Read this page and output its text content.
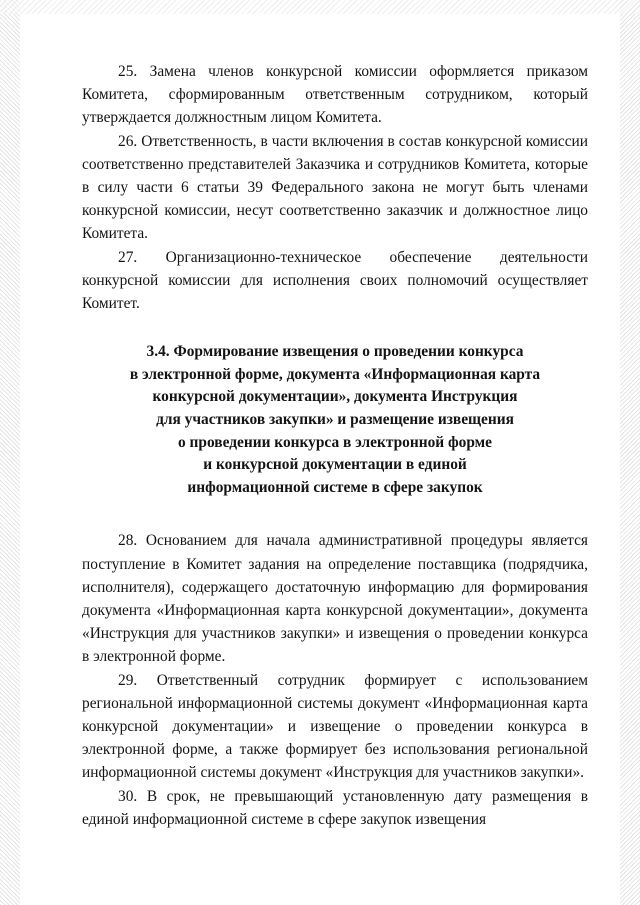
25. Замена членов конкурсной комиссии оформляется приказом Комитета, сформированным ответственным сотрудником, который утверждается должностным лицом Комитета.

26. Ответственность, в части включения в состав конкурсной комиссии соответственно представителей Заказчика и сотрудников Комитета, которые в силу части 6 статьи 39 Федерального закона не могут быть членами конкурсной комиссии, несут соответственно заказчик и должностное лицо Комитета.

27. Организационно-техническое обеспечение деятельности конкурсной комиссии для исполнения своих полномочий осуществляет Комитет.

3.4. Формирование извещения о проведении конкурса
в электронной форме, документа «Информационная карта
конкурсной документации», документа Инструкция
для участников закупки» и размещение извещения
о проведении конкурса в электронной форме
и конкурсной документации в единой
информационной системе в сфере закупок

28. Основанием для начала административной процедуры является поступление в Комитет задания на определение поставщика (подрядчика, исполнителя), содержащего достаточную информацию для формирования документа «Информационная карта конкурсной документации», документа «Инструкция для участников закупки» и извещения о проведении конкурса в электронной форме.

29. Ответственный сотрудник формирует с использованием региональной информационной системы документ «Информационная карта конкурсной документации» и извещение о проведении конкурса в электронной форме, а также формирует без использования региональной информационной системы документ «Инструкция для участников закупки».

30. В срок, не превышающий установленную дату размещения в единой информационной системе в сфере закупок извещения
